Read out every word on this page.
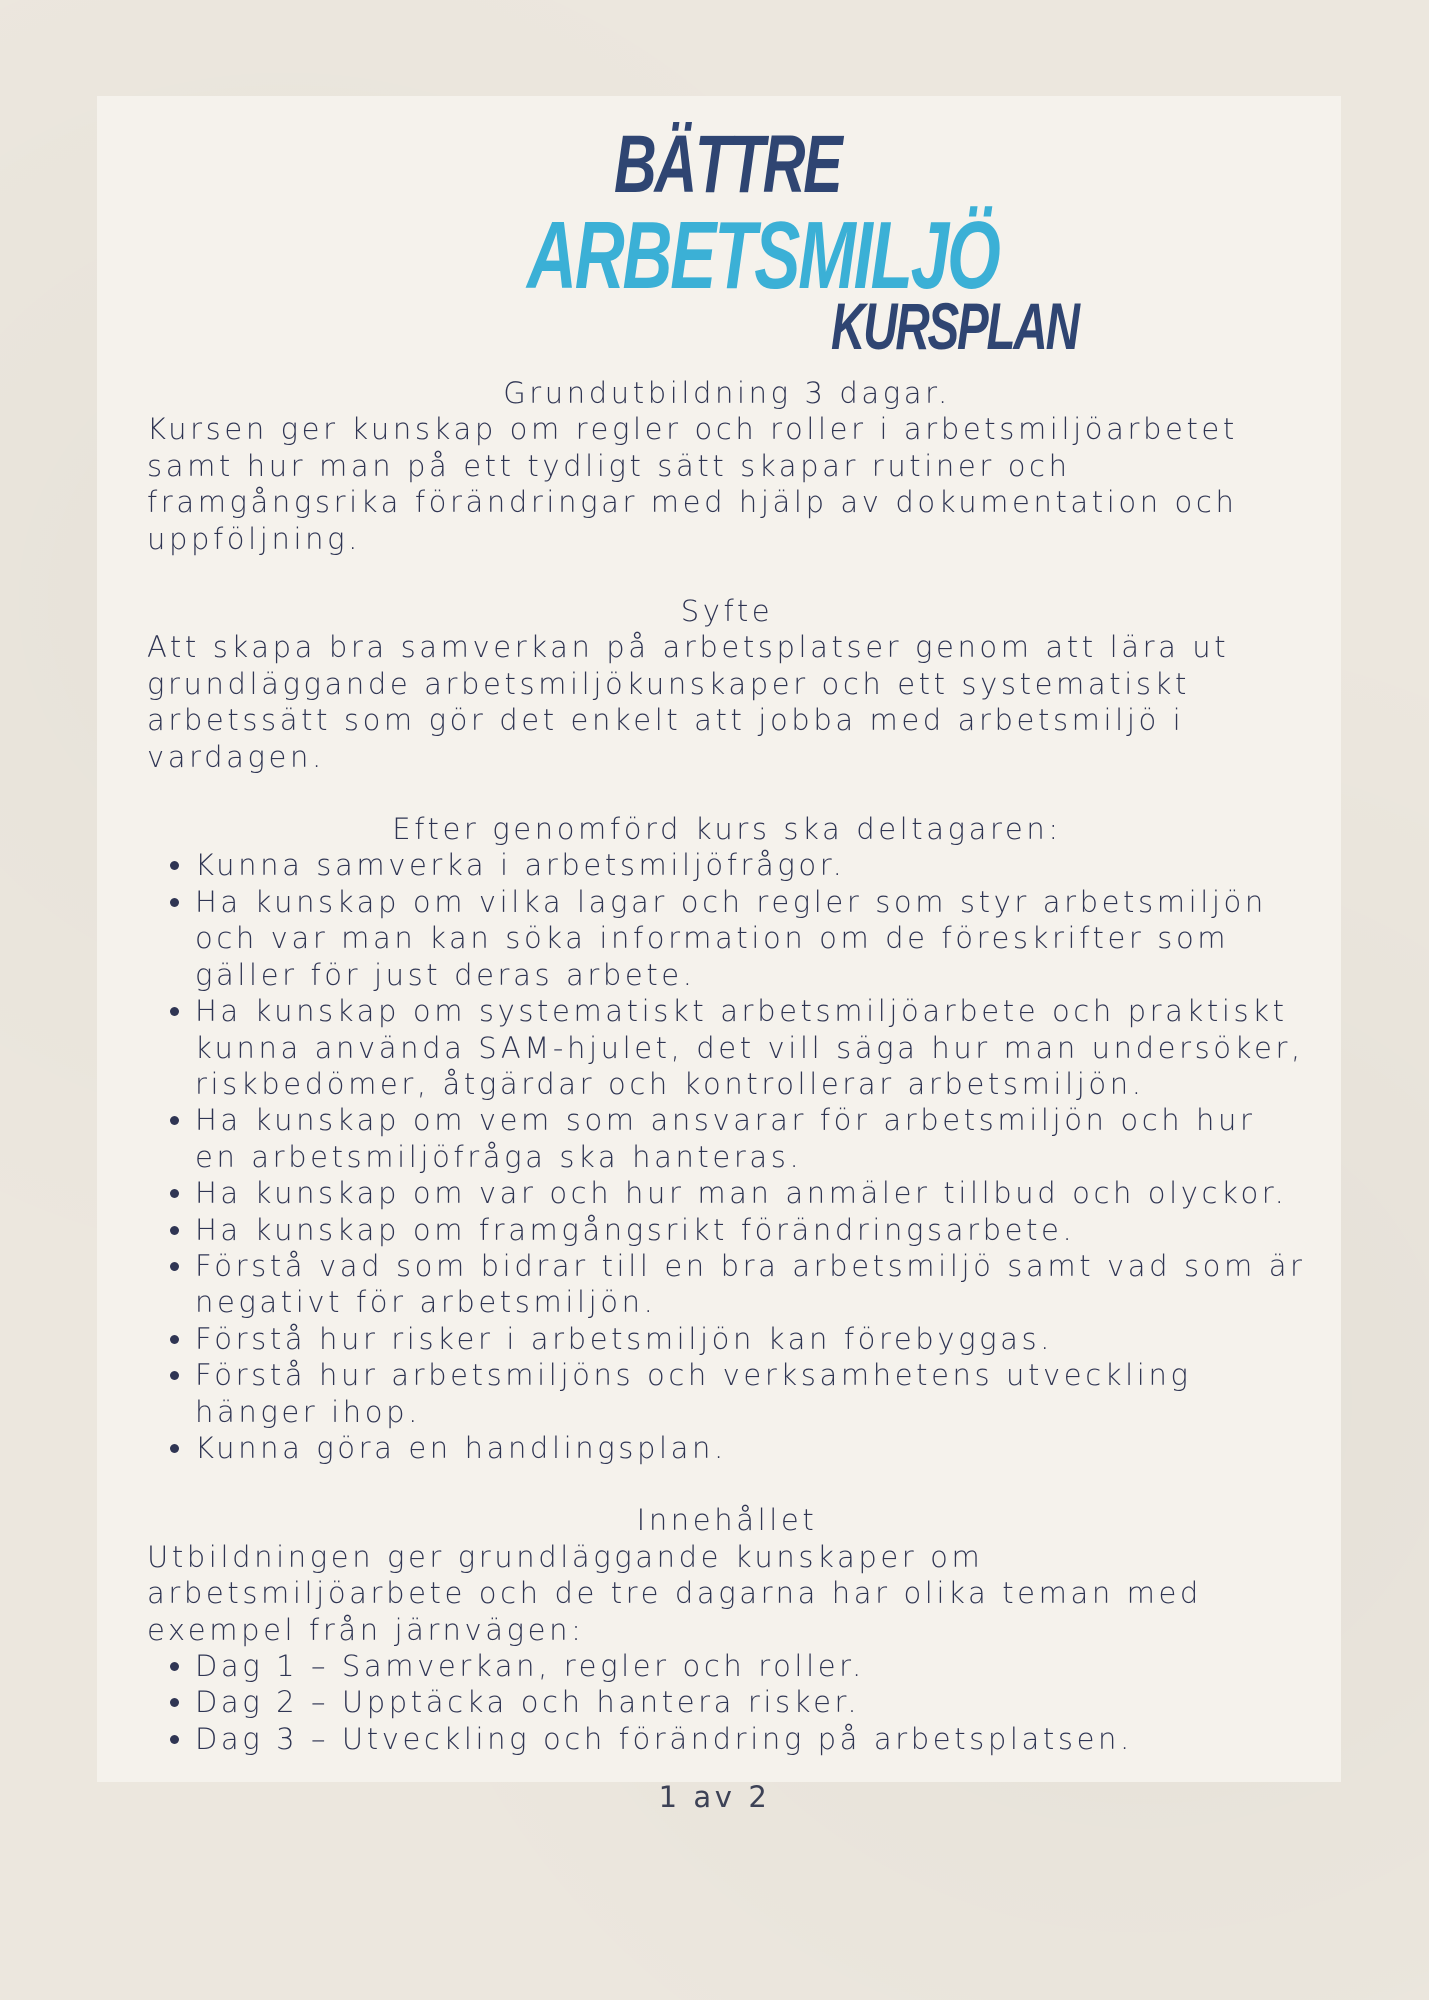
BÄTTRE
ARBETSMILJÖ
KURSPLAN

Grundutbildning 3 dagar.

Kursen ger kunskap om regler och roller i arbetsmiljöarbetet samt hur man på ett tydligt sätt skapar rutiner och framgångsrika förändringar med hjälp av dokumentation och uppföljning.

Syfte

Att skapa bra samverkan på arbetsplatser genom att lära ut grundläggande arbetsmiljökunskaper och ett systematiskt arbetssätt som gör det enkelt att jobba med arbetsmiljö i vardagen.

Efter genomförd kurs ska deltagaren:

• Kunna samverka i arbetsmiljöfrågor.
• Ha kunskap om vilka lagar och regler som styr arbetsmiljön och var man kan söka information om de föreskrifter som gäller för just deras arbete.
• Ha kunskap om systematiskt arbetsmiljöarbete och praktiskt kunna använda SAM-hjulet, det vill säga hur man undersöker, riskbedömer, åtgärdar och kontrollerar arbetsmiljön.
• Ha kunskap om vem som ansvarar för arbetsmiljön och hur en arbetsmiljöfråga ska hanteras.
• Ha kunskap om var och hur man anmäler tillbud och olyckor.
• Ha kunskap om framgångsrikt förändringsarbete.
• Förstå vad som bidrar till en bra arbetsmiljö samt vad som är negativt för arbetsmiljön.
• Förstå hur risker i arbetsmiljön kan förebyggas.
• Förstå hur arbetsmiljöns och verksamhetens utveckling hänger ihop.
• Kunna göra en handlingsplan.

Innehållet

Utbildningen ger grundläggande kunskaper om arbetsmiljöarbete och de tre dagarna har olika teman med exempel från järnvägen:

• Dag 1 – Samverkan, regler och roller.
• Dag 2 – Upptäcka och hantera risker.
• Dag 3 – Utveckling och förändring på arbetsplatsen.
1 av 2
